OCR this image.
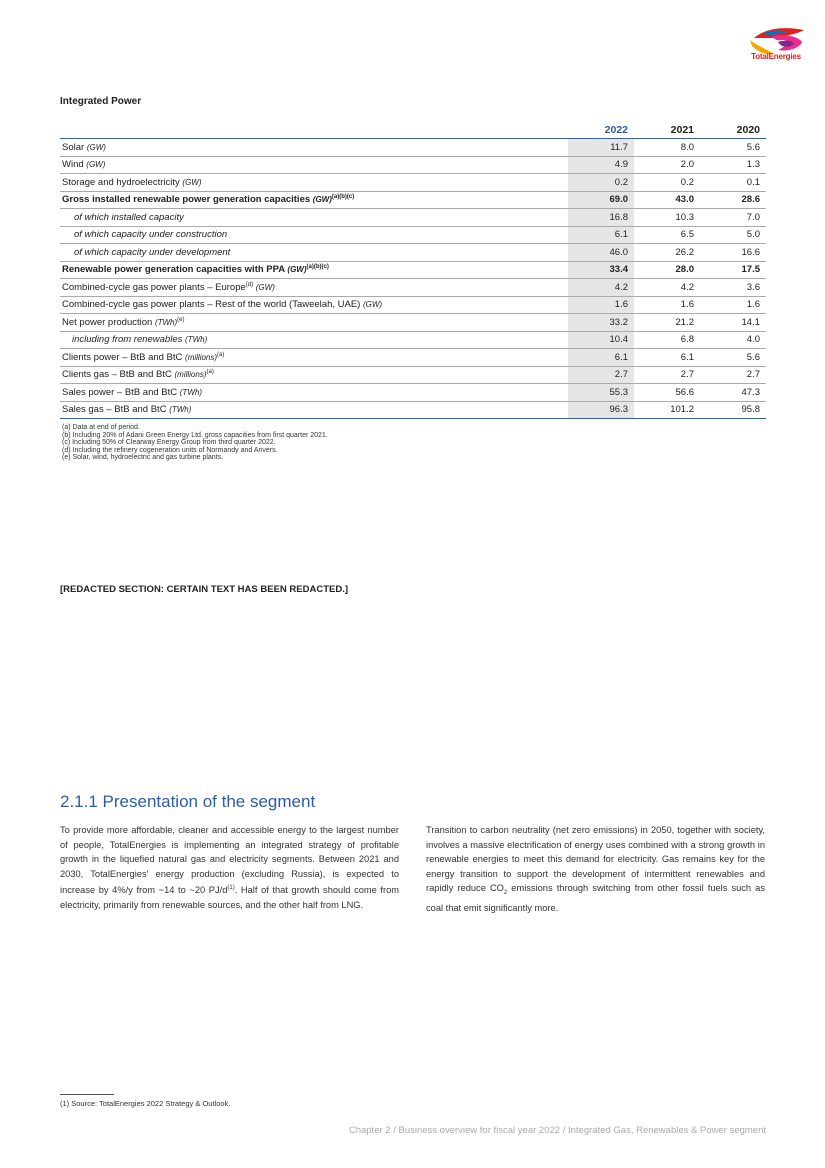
TotalEnergies
Integrated Power
	2022	2021	2020
Solar (GW)	11.7	8.0	5.6
Wind (GW)	4.9	2.0	1.3
Storage and hydroelectricity (GW)	0.2	0.2	0.1
Gross installed renewable power generation capacities (GW)$^{(a)(b)(c)}$	69.0	43.0	28.6
of which installed capacity	16.8	10.3	7.0
of which capacity under construction	6.1	6.5	5.0
of which capacity under development	46.0	26.2	16.6
Renewable power generation capacities with PPA (GW)$^{(a)(b)(c)}$	33.4	28.0	17.5
Combined-cycle gas power plants – Europe$^{(d)}$ (GW)	4.2	4.2	3.6
Combined-cycle gas power plants – Rest of the world (Taweelah, UAE) (GW)	1.6	1.6	1.6
Net power production (TWh)$^{(e)}$	33.2	21.2	14.1
including from renewables (TWh)	10.4	6.8	4.0
Clients power – BtB and BtC (millions)$^{(a)}$	6.1	6.1	5.6
Clients gas – BtB and BtC (millions)$^{(a)}$	2.7	2.7	2.7
Sales power – BtB and BtC (TWh)	55.3	56.6	47.3
Sales gas – BtB and BtC (TWh)	96.3	101.2	95.8
(a) Data at end of period.
(b) Including 20% of Adani Green Energy Ltd. gross capacities from first quarter 2021.
(c) Including 50% of Clearway Energy Group from third quarter 2022.
(d) Including the refinery cogeneration units of Normandy and Anvers.
(e) Solar, wind, hydroelectric and gas turbine plants.
[REDACTED SECTION: CERTAIN TEXT HAS BEEN REDACTED.]
2.1.1 Presentation of the segment
To provide more affordable, cleaner and accessible energy to the largest number of people, TotalEnergies is implementing an integrated strategy of profitable growth in the liquefied natural gas and electricity segments. Between 2021 and 2030, TotalEnergies' energy production (excluding Russia), is expected to increase by 4%/y from ~14 to ~20 $PJ/d^{(1)}$. Half of that growth should come from electricity, primarily from renewable sources, and the other half from LNG.
Transition to carbon neutrality (net zero emissions) in 2050, together with society, involves a massive electrification of energy uses combined with a strong growth in renewable energies to meet this demand for electricity. Gas remains key for the energy transition to support the development of intermittent renewables and rapidly reduce $CO_2$ emissions through switching from other fossil fuels such as coal that emit significantly more.
(1) Source: TotalEnergies 2022 Strategy & Outlook.
Chapter 2 / Business overview for fiscal year 2022 / Integrated Gas, Renewables & Power segment
